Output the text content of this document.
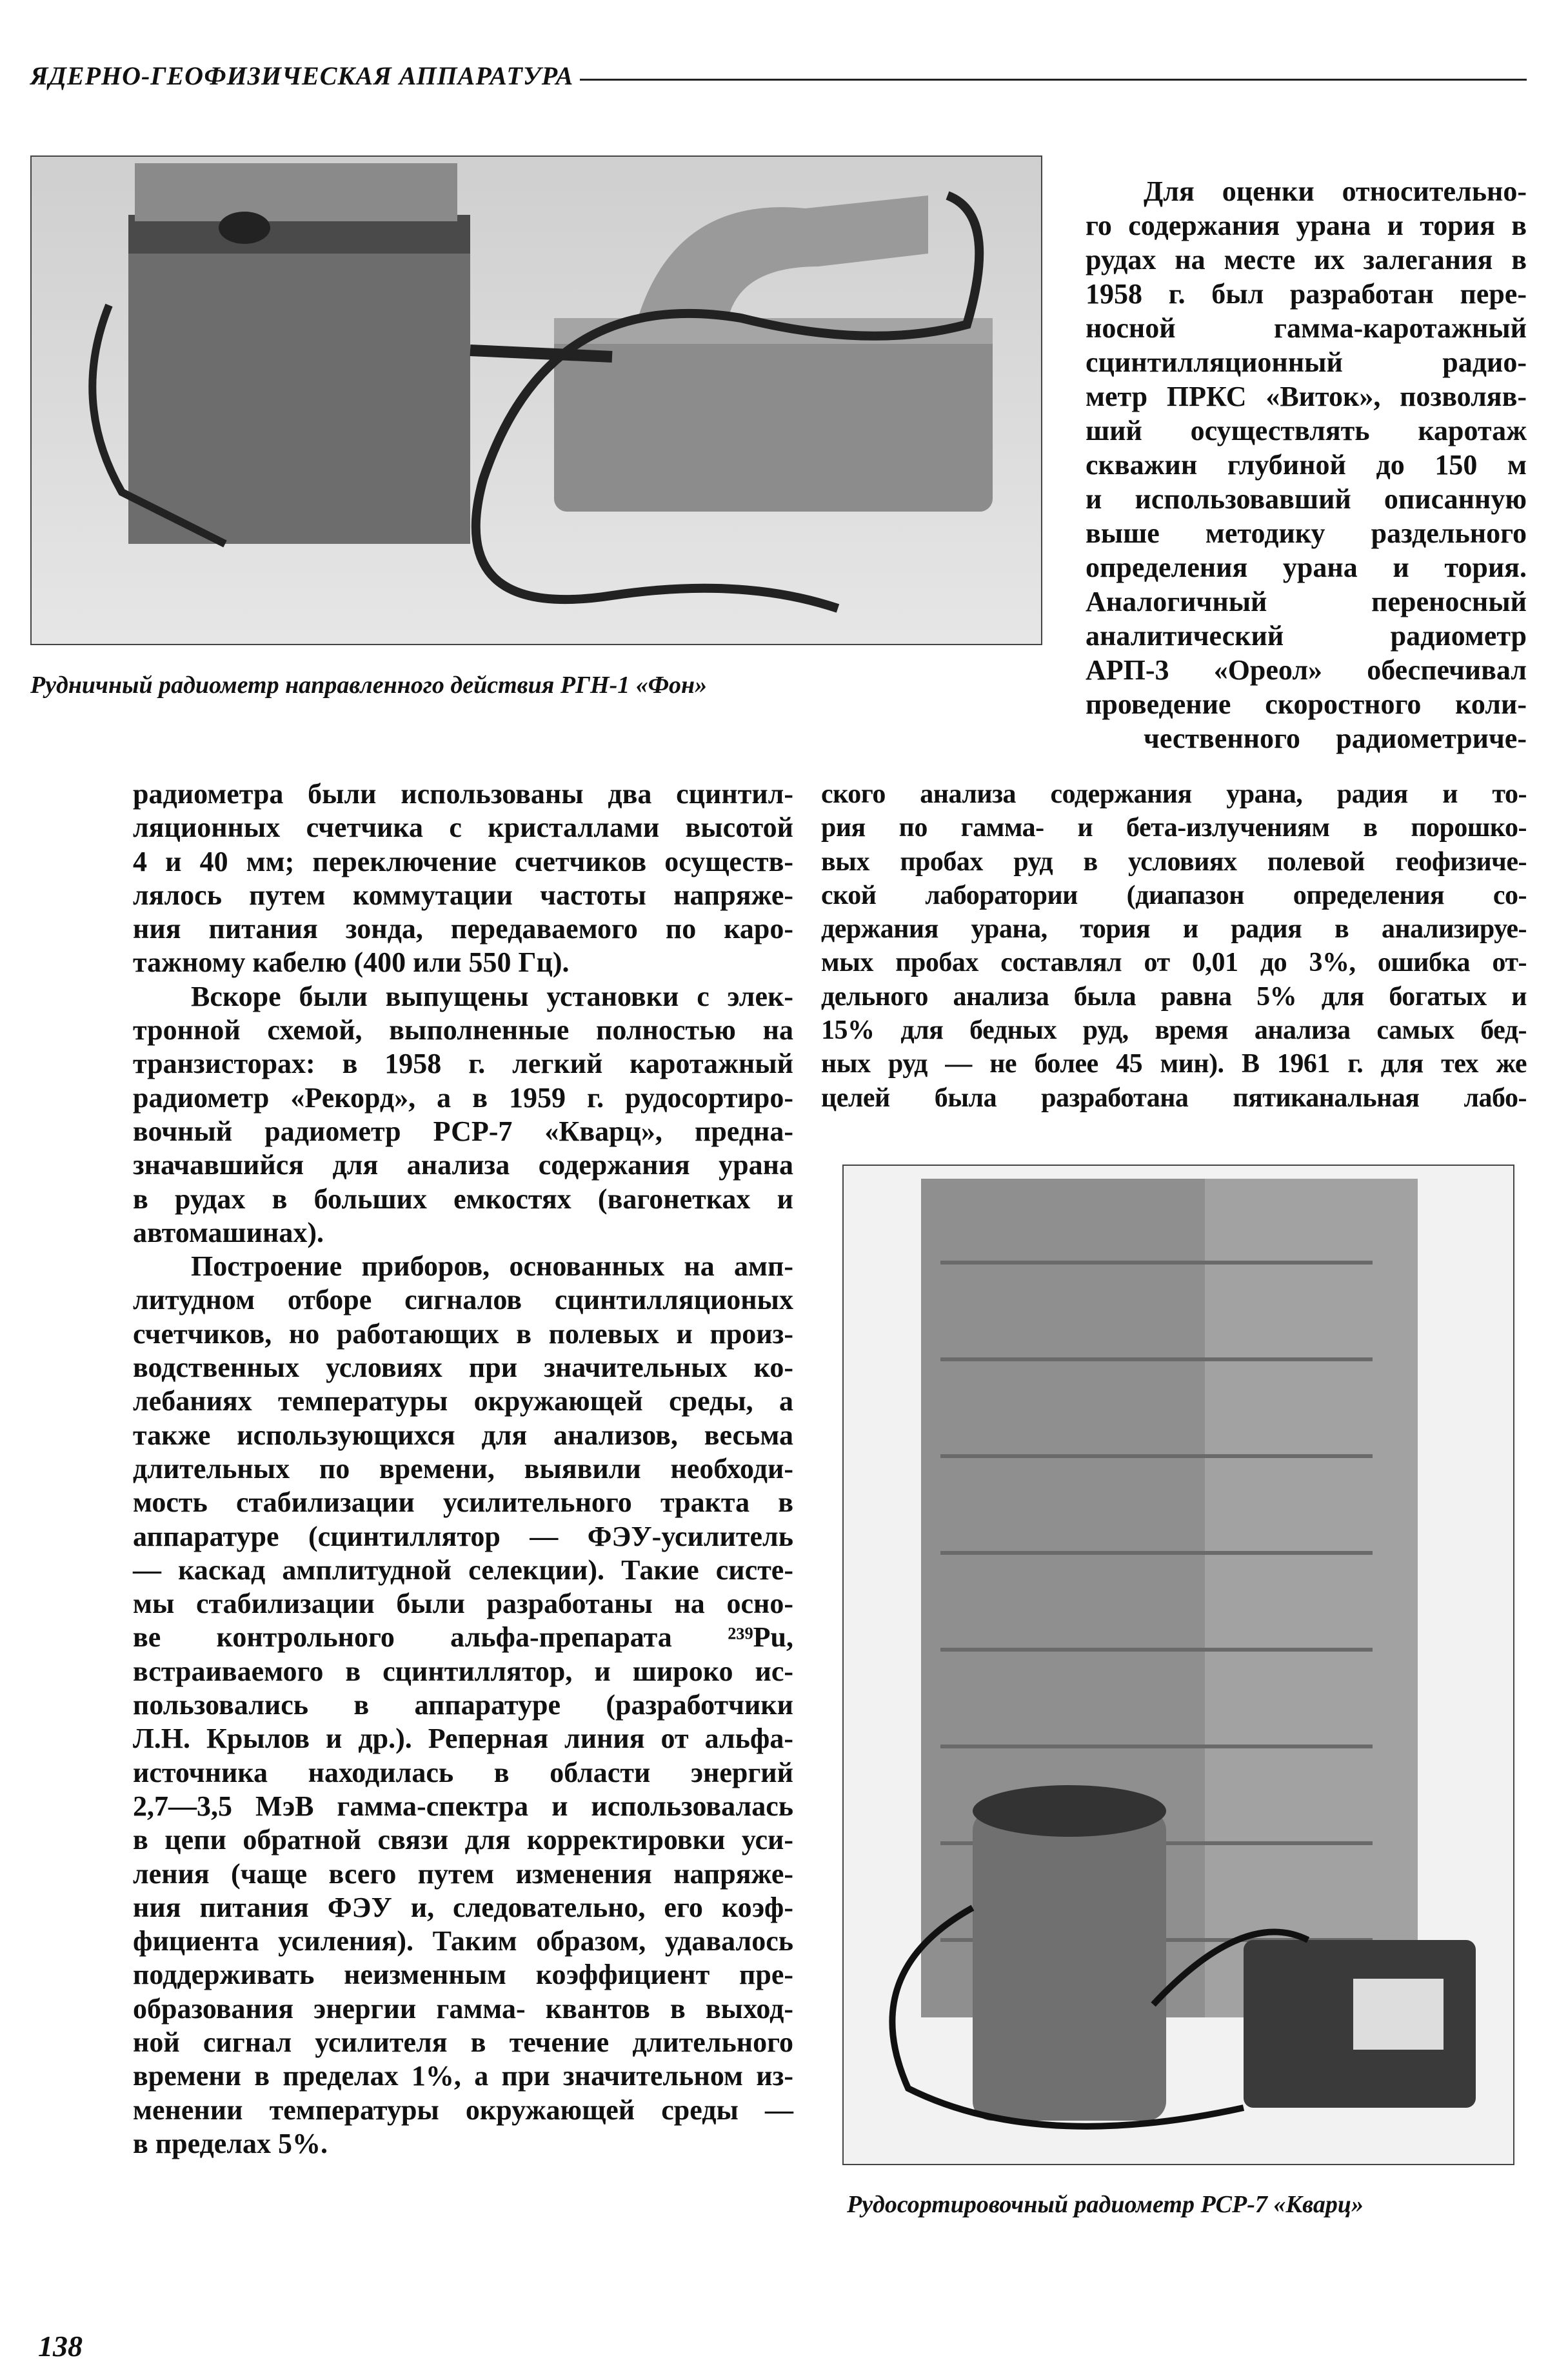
ЯДЕРНО-ГЕОФИЗИЧЕСКАЯ АППАРАТУРА
Рудничный радиометр направленного действия РГН-1 «Фон»
Для оценки относительно-
го содержания урана и тория в
рудах на месте их залегания в
1958 г. был разработан пере-
носной гамма-каротажный
сцинтилляционный радио-
метр ПРКС «Виток», позволяв-
ший осуществлять каротаж
скважин глубиной до 150 м
и использовавший описанную
выше методику раздельного
определения урана и тория.
Аналогичный переносный
аналитический радиометр
АРП-3 «Ореол» обеспечивал
проведение скоростного коли-
чественного радиометриче-
ского анализа содержания урана, радия и то-
рия по гамма- и бета-излучениям в порошко-
вых пробах руд в условиях полевой геофизиче-
ской лаборатории (диапазон определения со-
держания урана, тория и радия в анализируе-
мых пробах составлял от 0,01 до 3%, ошибка от-
дельного анализа была равна 5% для богатых и
15% для бедных руд, время анализа самых бед-
ных руд — не более 45 мин). В 1961 г. для тех же
целей была разработана пятиканальная лабо-
радиометра были использованы два сцинтил-
ляционных счетчика с кристаллами высотой
4 и 40 мм; переключение счетчиков осуществ-
лялось путем коммутации частоты напряже-
ния питания зонда, передаваемого по каро-
тажному кабелю (400 или 550 Гц).
Вскоре были выпущены установки с элек-
тронной схемой, выполненные полностью на
транзисторах: в 1958 г. легкий каротажный
радиометр «Рекорд», а в 1959 г. рудосортиро-
вочный радиометр РСР-7 «Кварц», предна-
значавшийся для анализа содержания урана
в рудах в больших емкостях (вагонетках и
автомашинах).
Построение приборов, основанных на амп-
литудном отборе сигналов сцинтилляционых
счетчиков, но работающих в полевых и произ-
водственных условиях при значительных ко-
лебаниях температуры окружающей среды, а
также использующихся для анализов, весьма
длительных по времени, выявили необходи-
мость стабилизации усилительного тракта в
аппаратуре (сцинтиллятор — ФЭУ-усилитель
— каскад амплитудной селекции). Такие систе-
мы стабилизации были разработаны на осно-
ве контрольного альфа-препарата ²³⁹Pu,
встраиваемого в сцинтиллятор, и широко ис-
пользовались в аппаратуре (разработчики
Л.Н. Крылов и др.). Реперная линия от альфа-
источника находилась в области энергий
2,7—3,5 МэВ гамма-спектра и использовалась
в цепи обратной связи для корректировки уси-
ления (чаще всего путем изменения напряже-
ния питания ФЭУ и, следовательно, его коэф-
фициента усиления). Таким образом, удавалось
поддерживать неизменным коэффициент пре-
образования энергии гамма- квантов в выход-
ной сигнал усилителя в течение длительного
времени в пределах 1%, а при значительном из-
менении температуры окружающей среды —
в пределах 5%.
Рудосортировочный радиометр РСР-7 «Кварц»
138
